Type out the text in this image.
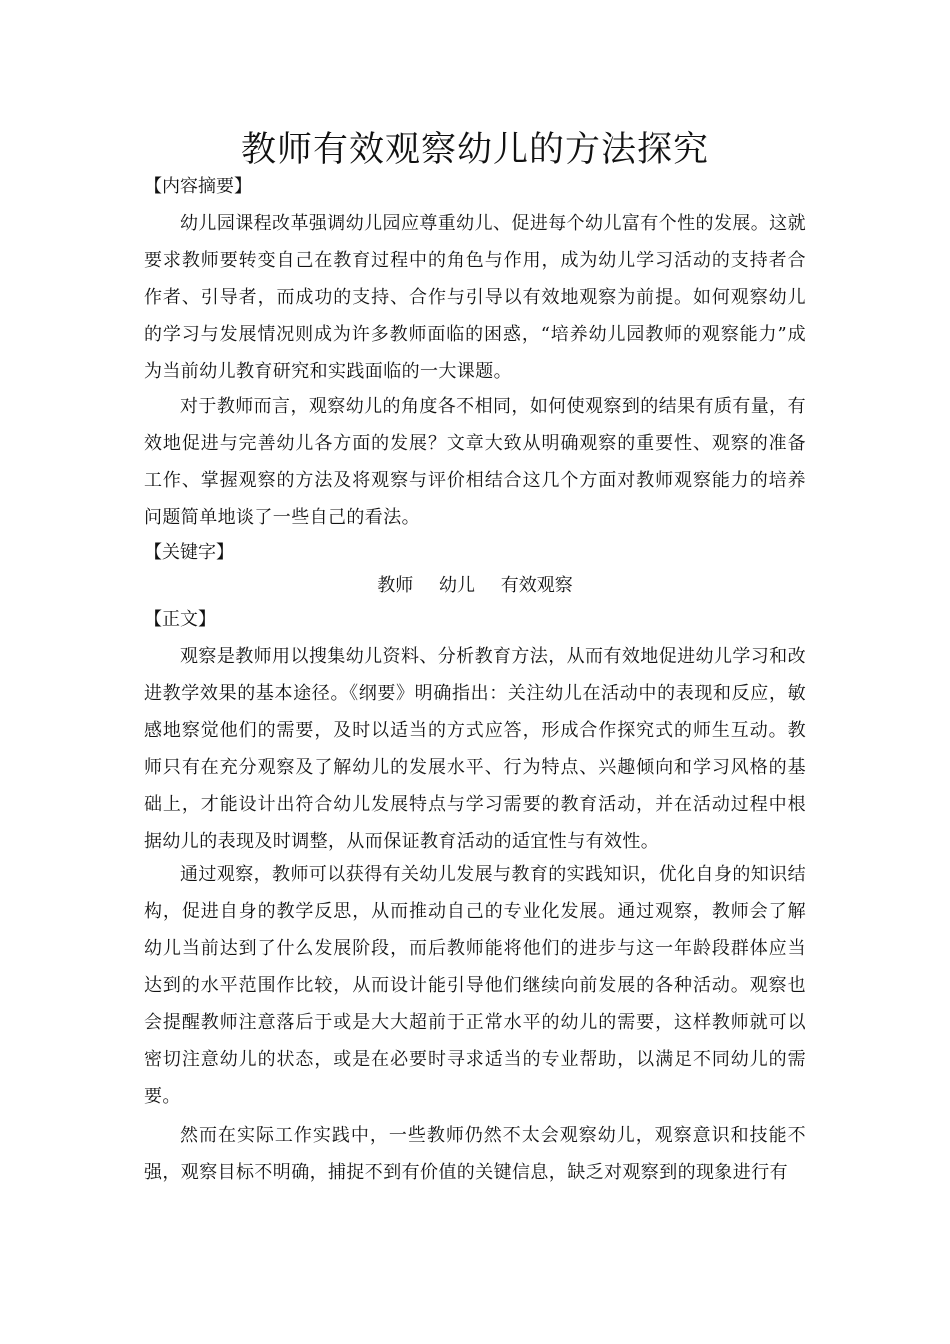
教师有效观察幼儿的方法探究
【内容摘要】

幼儿园课程改革强调幼儿园应尊重幼儿、促进每个幼儿富有个性的发展。这就要求教师要转变自己在教育过程中的角色与作用，成为幼儿学习活动的支持者合作者、引导者，而成功的支持、合作与引导以有效地观察为前提。如何观察幼儿的学习与发展情况则成为许多教师面临的困惑，“培养幼儿园教师的观察能力”成为当前幼儿教育研究和实践面临的一大课题。

对于教师而言，观察幼儿的角度各不相同，如何使观察到的结果有质有量，有效地促进与完善幼儿各方面的发展？文章大致从明确观察的重要性、观察的准备工作、掌握观察的方法及将观察与评价相结合这几个方面对教师观察能力的培养问题简单地谈了一些自己的看法。

【关键字】
教师 幼儿 有效观察
【正文】

观察是教师用以搜集幼儿资料、分析教育方法，从而有效地促进幼儿学习和改进教学效果的基本途径。《纲要》明确指出：关注幼儿在活动中的表现和反应，敏感地察觉他们的需要，及时以适当的方式应答，形成合作探究式的师生互动。教师只有在充分观察及了解幼儿的发展水平、行为特点、兴趣倾向和学习风格的基础上，才能设计出符合幼儿发展特点与学习需要的教育活动，并在活动过程中根据幼儿的表现及时调整，从而保证教育活动的适宜性与有效性。

通过观察，教师可以获得有关幼儿发展与教育的实践知识，优化自身的知识结构，促进自身的教学反思，从而推动自己的专业化发展。通过观察，教师会了解幼儿当前达到了什么发展阶段，而后教师能将他们的进步与这一年龄段群体应当达到的水平范围作比较，从而设计能引导他们继续向前发展的各种活动。观察也会提醒教师注意落后于或是大大超前于正常水平的幼儿的需要，这样教师就可以密切注意幼儿的状态，或是在必要时寻求适当的专业帮助，以满足不同幼儿的需要。

然而在实际工作实践中，一些教师仍然不太会观察幼儿，观察意识和技能不强，观察目标不明确，捕捉不到有价值的关键信息，缺乏对观察到的现象进行有
